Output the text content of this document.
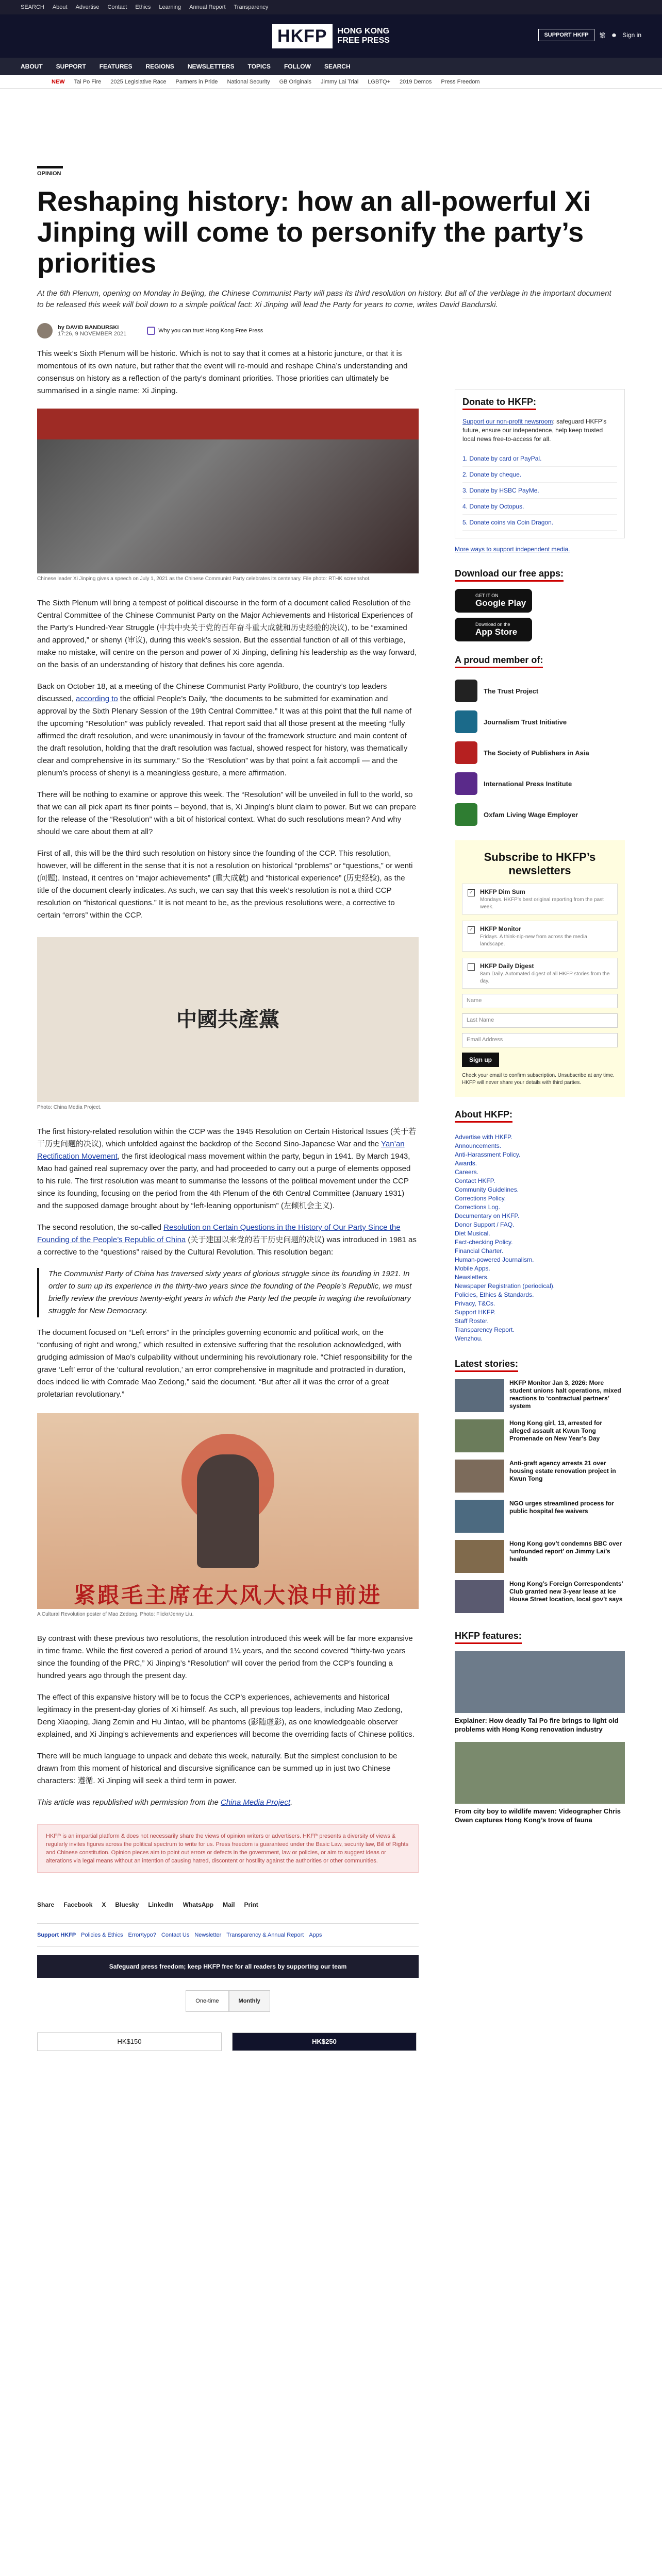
SEARCH About Advertise Contact Ethics Learning Annual Report Transparency
HKFP	HONG KONG
FREE PRESS
SUPPORT HKFP	繁 ☻ Sign in
ABOUT SUPPORT FEATURES REGIONS NEWSLETTERS TOPICS FOLLOW SEARCH
NEW Tai Po Fire 2025 Legislative Race Partners in Pride National Security GB Originals Jimmy Lai Trial LGBTQ+ 2019 Demos Press Freedom
OPINION
Reshaping history: how an all-powerful Xi Jinping will come to personify the party’s priorities

At the 6th Plenum, opening on Monday in Beijing, the Chinese Communist Party will pass its third resolution on history. But all of the verbiage in the important document to be released this week will boil down to a simple political fact: Xi Jinping will lead the Party for years to come, writes David Bandurski.

by DAVID BANDURSKI
17:26, 9 NOVEMBER 2021	Why you can trust Hong Kong Free Press

This week’s Sixth Plenum will be historic. Which is not to say that it comes at a historic juncture, or that it is momentous of its own nature, but rather that the event will re-mould and reshape China’s understanding and consensus on history as a reflection of the party’s dominant priorities. Those priorities can ultimately be summarised in a single name: Xi Jinping.

Chinese leader Xi Jinping gives a speech on July 1, 2021 as the Chinese Communist Party celebrates its centenary. File photo: RTHK screenshot.

The Sixth Plenum will bring a tempest of political discourse in the form of a document called Resolution of the Central Committee of the Chinese Communist Party on the Major Achievements and Historical Experiences of the Party’s Hundred-Year Struggle (中共中央关于党的百年奋斗重大成就和历史经验的决议), to be “examined and approved,” or shenyi (审议), during this week’s session. But the essential function of all of this verbiage, make no mistake, will centre on the person and power of Xi Jinping, defining his leadership as the way forward, on the basis of an understanding of history that defines his core agenda.

Back on October 18, at a meeting of the Chinese Communist Party Politburo, the country’s top leaders discussed, according to the official People’s Daily, “the documents to be submitted for examination and approval by the Sixth Plenary Session of the 19th Central Committee.” It was at this point that the full name of the upcoming “Resolution” was publicly revealed. That report said that all those present at the meeting “fully affirmed the draft resolution, and were unanimously in favour of the framework structure and main content of the draft resolution, holding that the draft resolution was factual, showed respect for history, was thematically clear and comprehensive in its summary.” So the “Resolution” was by that point a fait accompli — and the plenum’s process of shenyi is a meaningless gesture, a mere affirmation.

There will be nothing to examine or approve this week. The “Resolution” will be unveiled in full to the world, so that we can all pick apart its finer points – beyond, that is, Xi Jinping’s blunt claim to power. But we can prepare for the release of the “Resolution” with a bit of historical context. What do such resolutions mean? And why should we care about them at all?

First of all, this will be the third such resolution on history since the founding of the CCP. This resolution, however, will be different in the sense that it is not a resolution on historical “problems” or “questions,” or wenti (问题). Instead, it centres on “major achievements” (重大成就) and “historical experience” (历史经验), as the title of the document clearly indicates. As such, we can say that this week’s resolution is not a third CCP resolution on “historical questions.” It is not meant to be, as the previous resolutions were, a corrective to certain “errors” within the CCP.

中國共產黨
Photo: China Media Project.

The first history-related resolution within the CCP was the 1945 Resolution on Certain Historical Issues (关于若干历史问题的决议), which unfolded against the backdrop of the Second Sino-Japanese War and the Yan’an Rectification Movement, the first ideological mass movement within the party, begun in 1941. By March 1943, Mao had gained real supremacy over the party, and had proceeded to carry out a purge of elements opposed to his rule. The first resolution was meant to summarise the lessons of the political movement under the CCP since its founding, focusing on the period from the 4th Plenum of the 6th Central Committee (January 1931) and the supposed damage brought about by “left-leaning opportunism” (左倾机会主义).

The second resolution, the so-called Resolution on Certain Questions in the History of Our Party Since the Founding of the People’s Republic of China (关于建国以来党的若干历史问题的决议) was introduced in 1981 as a corrective to the “questions” raised by the Cultural Revolution. This resolution began:

The Communist Party of China has traversed sixty years of glorious struggle since its founding in 1921. In order to sum up its experience in the thirty-two years since the founding of the People’s Republic, we must briefly review the previous twenty-eight years in which the Party led the people in waging the revolutionary struggle for New Democracy.

The document focused on “Left errors” in the principles governing economic and political work, on the “confusing of right and wrong,” which resulted in extensive suffering that the resolution acknowledged, with grudging admission of Mao’s culpability without undermining his revolutionary role. “Chief responsibility for the grave ‘Left’ error of the ‘cultural revolution,’ an error comprehensive in magnitude and protracted in duration, does indeed lie with Comrade Mao Zedong,” said the document. “But after all it was the error of a great proletarian revolutionary.”

紧跟毛主席在大风大浪中前进
A Cultural Revolution poster of Mao Zedong. Photo: Flickr/Jenny Liu.

By contrast with these previous two resolutions, the resolution introduced this week will be far more expansive in time frame. While the first covered a period of around 1¼ years, and the second covered “thirty-two years since the founding of the PRC,” Xi Jinping’s “Resolution” will cover the period from the CCP’s founding a hundred years ago through the present day.

The effect of this expansive history will be to focus the CCP’s experiences, achievements and historical legitimacy in the present-day glories of Xi himself. As such, all previous top leaders, including Mao Zedong, Deng Xiaoping, Jiang Zemin and Hu Jintao, will be phantoms (影随虚影), as one knowledgeable observer explained, and Xi Jinping’s achievements and experiences will become the overriding facts of Chinese politics.

There will be much language to unpack and debate this week, naturally. But the simplest conclusion to be drawn from this moment of historical and discursive significance can be summed up in just two Chinese characters: 遵循. Xi Jinping will seek a third term in power.

This article was republished with permission from the China Media Project.

HKFP is an impartial platform & does not necessarily share the views of opinion writers or advertisers. HKFP presents a diversity of views & regularly invites figures across the political spectrum to write for us. Press freedom is guaranteed under the Basic Law, security law, Bill of Rights and Chinese constitution. Opinion pieces aim to point out errors or defects in the government, law or policies, or aim to suggest ideas or alterations via legal means without an intention of causing hatred, discontent or hostility against the authorities or other communities.
Share Facebook X Bluesky LinkedIn WhatsApp Mail Print
Support HKFP Policies & Ethics Error/typo? Contact Us Newsletter Transparency & Annual Report Apps
Safeguard press freedom; keep HKFP free for all readers by supporting our team
One-time	Monthly
HK$150	HK$250
Donate to HKFP:

Support our non-profit newsroom: safeguard HKFP’s future, ensure our independence, help keep trusted local news free-to-access for all.

1. Donate by card or PayPal.
2. Donate by cheque.
3. Donate by HSBC PayMe.
4. Donate by Octopus.
5. Donate coins via Coin Dragon.
More ways to support independent media.
Download our free apps:
GET IT ON
Google Play
Download on the
App Store
A proud member of:
The Trust Project
Journalism Trust Initiative
The Society of Publishers in Asia
International Press Institute
Oxfam Living Wage Employer
Subscribe to HKFP’s newsletters
✓ HKFP Dim Sum
Mondays. HKFP’s best original reporting from the past week.
✓ HKFP Monitor
Fridays. A think-nip-new from across the media landscape.
HKFP Daily Digest
8am Daily. Automated digest of all HKFP stories from the day.
Name
Last Name
Email Address
Sign up

Check your email to confirm subscription. Unsubscribe at any time. HKFP will never share your details with third parties.

About HKFP:
Advertise with HKFP.
Announcements.
Anti-Harassment Policy.
Awards.
Careers.
Contact HKFP.
Community Guidelines.
Corrections Policy.
Corrections Log.
Documentary on HKFP.
Donor Support / FAQ.
Diet Musical.
Fact-checking Policy.
Financial Charter.
Human-powered Journalism.
Mobile Apps.
Newsletters.
Newspaper Registration (periodical).
Policies, Ethics & Standards.
Privacy, T&Cs.
Support HKFP.
Staff Roster.
Transparency Report.
Wenzhou.
Latest stories:

HKFP Monitor Jan 3, 2026: More student unions halt operations, mixed reactions to ‘contractual partners’ system

Hong Kong girl, 13, arrested for alleged assault at Kwun Tong Promenade on New Year’s Day

Anti-graft agency arrests 21 over housing estate renovation project in Kwun Tong

NGO urges streamlined process for public hospital fee waivers

Hong Kong gov’t condemns BBC over ‘unfounded report’ on Jimmy Lai’s health

Hong Kong’s Foreign Correspondents’ Club granted new 3-year lease at Ice House Street location, local gov’t says

HKFP features:

Explainer: How deadly Tai Po fire brings to light old problems with Hong Kong renovation industry

From city boy to wildlife maven: Videographer Chris Owen captures Hong Kong’s trove of fauna
